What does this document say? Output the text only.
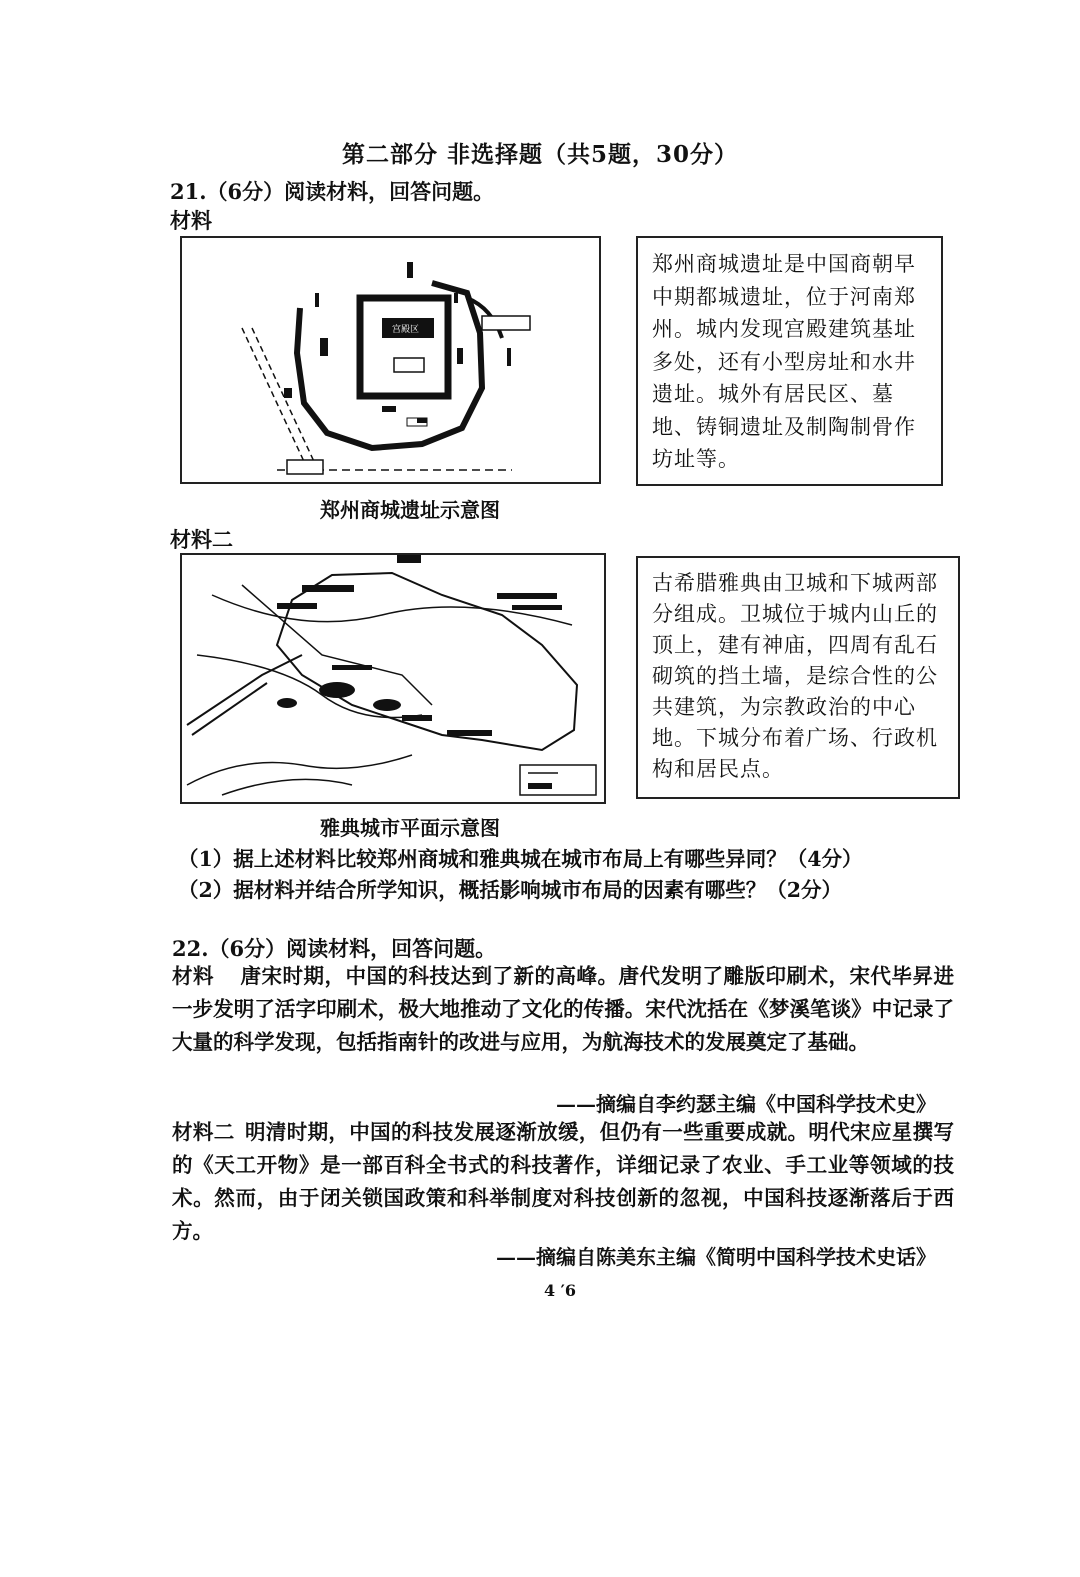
第二部分 非选择题（共5题，30分）
21.（6分）阅读材料，回答问题。
材料
宫殿区
郑州商城遗址是中国商朝早中期都城遗址，位于河南郑州。城内发现宫殿建筑基址多处，还有小型房址和水井遗址。城外有居民区、墓地、铸铜遗址及制陶制骨作坊址等。
郑州商城遗址示意图
材料二
古希腊雅典由卫城和下城两部分组成。卫城位于城内山丘的顶上，建有神庙，四周有乱石砌筑的挡土墙，是综合性的公共建筑，为宗教政治的中心地。下城分布着广场、行政机构和居民点。
雅典城市平面示意图
（1）据上述材料比较郑州商城和雅典城在城市布局上有哪些异同？（4分）
（2）据材料并结合所学知识，概括影响城市布局的因素有哪些？（2分）
22.（6分）阅读材料，回答问题。
材料 唐宋时期，中国的科技达到了新的高峰。唐代发明了雕版印刷术，宋代毕昇进一步发明了活字印刷术，极大地推动了文化的传播。宋代沈括在《梦溪笔谈》中记录了大量的科学发现，包括指南针的改进与应用，为航海技术的发展奠定了基础。
——摘编自李约瑟主编《中国科学技术史》
材料二 明清时期，中国的科技发展逐渐放缓，但仍有一些重要成就。明代宋应星撰写的《天工开物》是一部百科全书式的科技著作，详细记录了农业、手工业等领域的技术。然而，由于闭关锁国政策和科举制度对科技创新的忽视，中国科技逐渐落后于西方。
——摘编自陈美东主编《简明中国科学技术史话》
4 ′6
